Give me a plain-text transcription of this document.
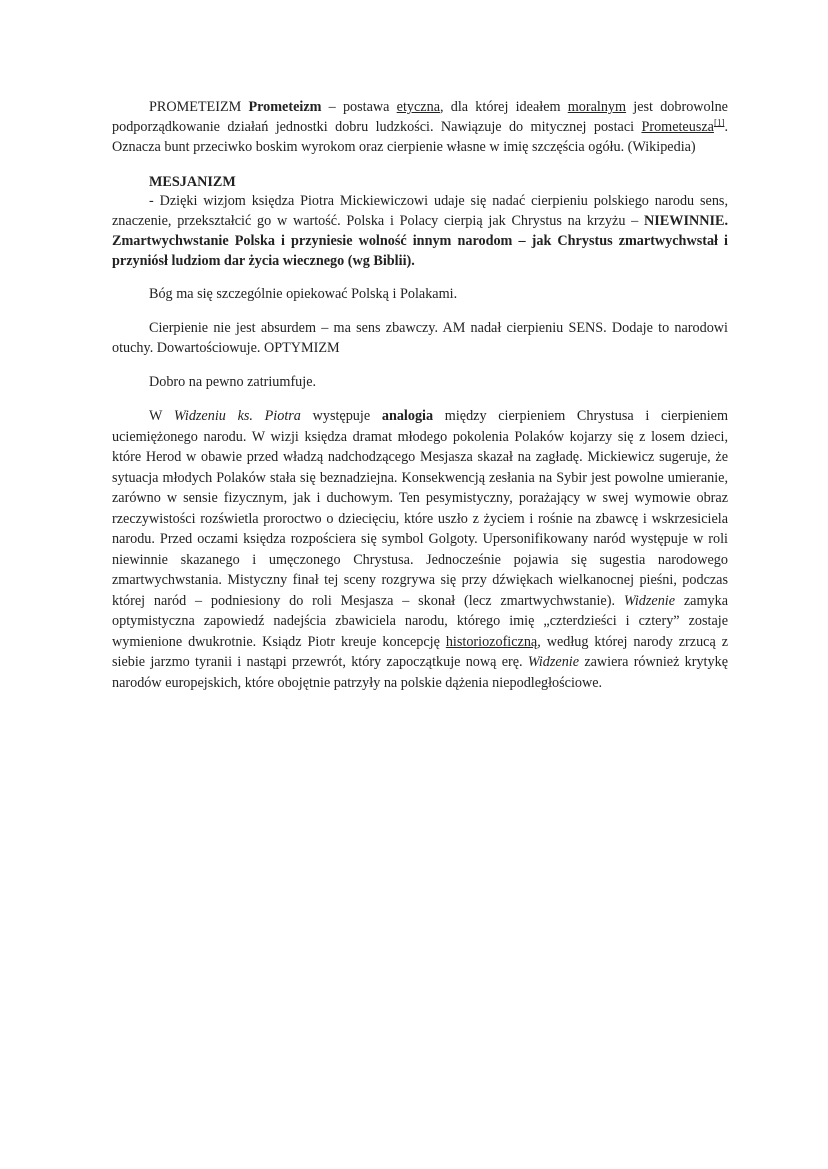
PROMETEIZM Prometeizm – postawa etyczna, dla której ideałem moralnym jest dobrowolne podporządkowanie działań jednostki dobru ludzkości. Nawiązuje do mitycznej postaci Prometeusza[1]. Oznacza bunt przeciwko boskim wyrokom oraz cierpienie własne w imię szczęścia ogółu. (Wikipedia)

MESJANIZM

- Dzięki wizjom księdza Piotra Mickiewiczowi udaje się nadać cierpieniu polskiego narodu sens, znaczenie, przekształcić go w wartość. Polska i Polacy cierpią jak Chrystus na krzyżu – NIEWINNIE. Zmartwychwstanie Polska i przyniesie wolność innym narodom – jak Chrystus zmartwychwstał i przyniósł ludziom dar życia wiecznego (wg Biblii).

Bóg ma się szczególnie opiekować Polską i Polakami.

Cierpienie nie jest absurdem – ma sens zbawczy. AM nadał cierpieniu SENS. Dodaje to narodowi otuchy. Dowartościowuje. OPTYMIZM

Dobro na pewno zatriumfuje.

W Widzeniu ks. Piotra występuje analogia między cierpieniem Chrystusa i cierpieniem uciemiężonego narodu. W wizji księdza dramat młodego pokolenia Polaków kojarzy się z losem dzieci, które Herod w obawie przed władzą nadchodzącego Mesjasza skazał na zagładę. Mickiewicz sugeruje, że sytuacja młodych Polaków stała się beznadziejna. Konsekwencją zesłania na Sybir jest powolne umieranie, zarówno w sensie fizycznym, jak i duchowym. Ten pesymistyczny, porażający w swej wymowie obraz rzeczywistości rozświetla proroctwo o dziecięciu, które uszło z życiem i rośnie na zbawcę i wskrzesiciela narodu. Przed oczami księdza rozpościera się symbol Golgoty. Upersonifikowany naród występuje w roli niewinnie skazanego i umęczonego Chrystusa. Jednocześnie pojawia się sugestia narodowego zmartwychwstania. Mistyczny finał tej sceny rozgrywa się przy dźwiękach wielkanocnej pieśni, podczas której naród – podniesiony do roli Mesjasza – skonał (lecz zmartwychwstanie). Widzenie zamyka optymistyczna zapowiedź nadejścia zbawiciela narodu, którego imię „czterdzieści i cztery” zostaje wymienione dwukrotnie. Ksiądz Piotr kreuje koncepcję historiozoficzną, według której narody zrzucą z siebie jarzmo tyranii i nastąpi przewrót, który zapoczątkuje nową erę. Widzenie zawiera również krytykę narodów europejskich, które obojętnie patrzyły na polskie dążenia niepodległościowe.
